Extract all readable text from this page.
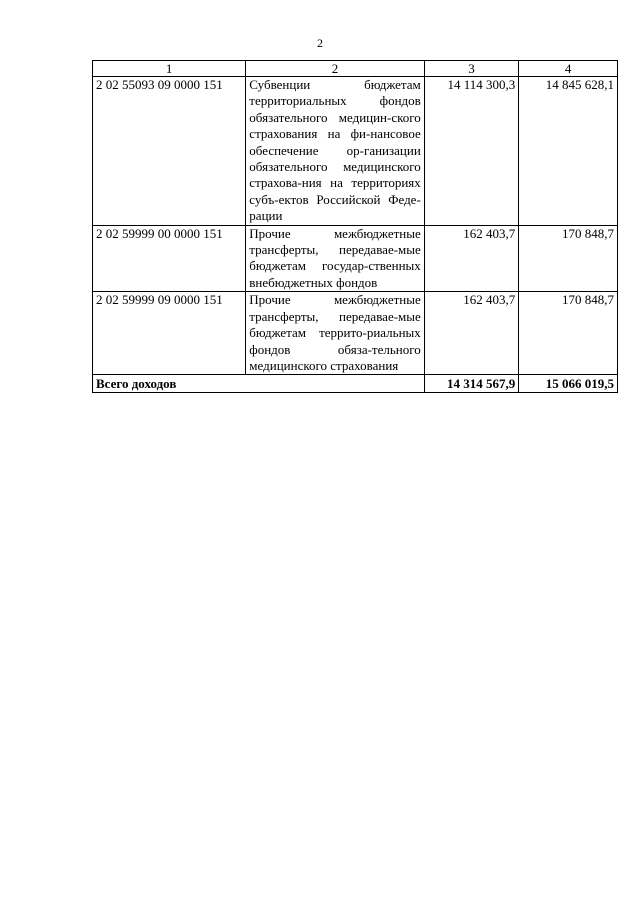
2
1	2	3	4
2 02 55093 09 0000 151	Субвенции бюджетам территориальных фондов обязательного медицин-ского страхования на фи-нансовое обеспечение ор-ганизации обязательного медицинского страхова-ния на территориях субъ-ектов Российской Феде-рации	14 114 300,3	14 845 628,1
2 02 59999 00 0000 151	Прочие межбюджетные трансферты, передавае-мые бюджетам государ-ственных внебюджетных фондов	162 403,7	170 848,7
2 02 59999 09 0000 151	Прочие межбюджетные трансферты, передавае-мые бюджетам террито-риальных фондов обяза-тельного медицинского страхования	162 403,7	170 848,7
Всего доходов		14 314 567,9	15 066 019,5
